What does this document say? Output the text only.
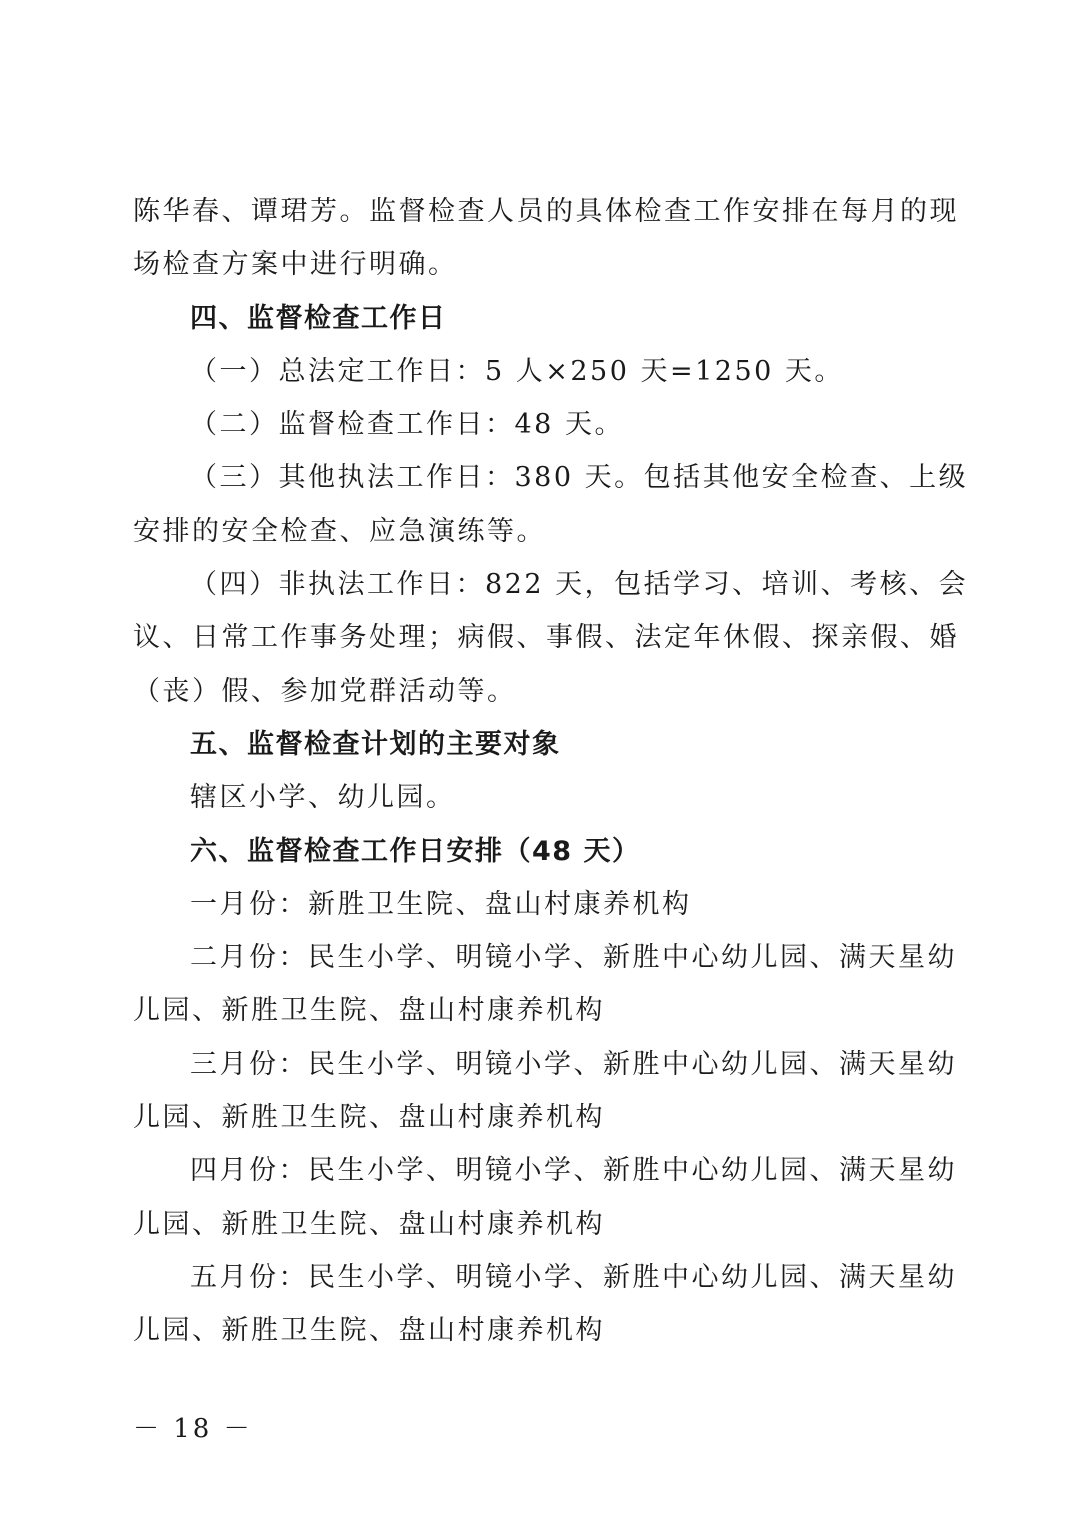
陈华春、谭珺芳。监督检查人员的具体检查工作安排在每月的现
场检查方案中进行明确。
四、监督检查工作日
（一）总法定工作日：5 人×250 天=1250 天。
（二）监督检查工作日：48 天。
（三）其他执法工作日：380 天。包括其他安全检查、上级
安排的安全检查、应急演练等。
（四）非执法工作日：822 天，包括学习、培训、考核、会
议、日常工作事务处理；病假、事假、法定年休假、探亲假、婚
（丧）假、参加党群活动等。
五、监督检查计划的主要对象
辖区小学、幼儿园。
六、监督检查工作日安排（48 天）
一月份：新胜卫生院、盘山村康养机构
二月份：民生小学、明镜小学、新胜中心幼儿园、满天星幼
儿园、新胜卫生院、盘山村康养机构
三月份：民生小学、明镜小学、新胜中心幼儿园、满天星幼
儿园、新胜卫生院、盘山村康养机构
四月份：民生小学、明镜小学、新胜中心幼儿园、满天星幼
儿园、新胜卫生院、盘山村康养机构
五月份：民生小学、明镜小学、新胜中心幼儿园、满天星幼
儿园、新胜卫生院、盘山村康养机构
－ 18 －
